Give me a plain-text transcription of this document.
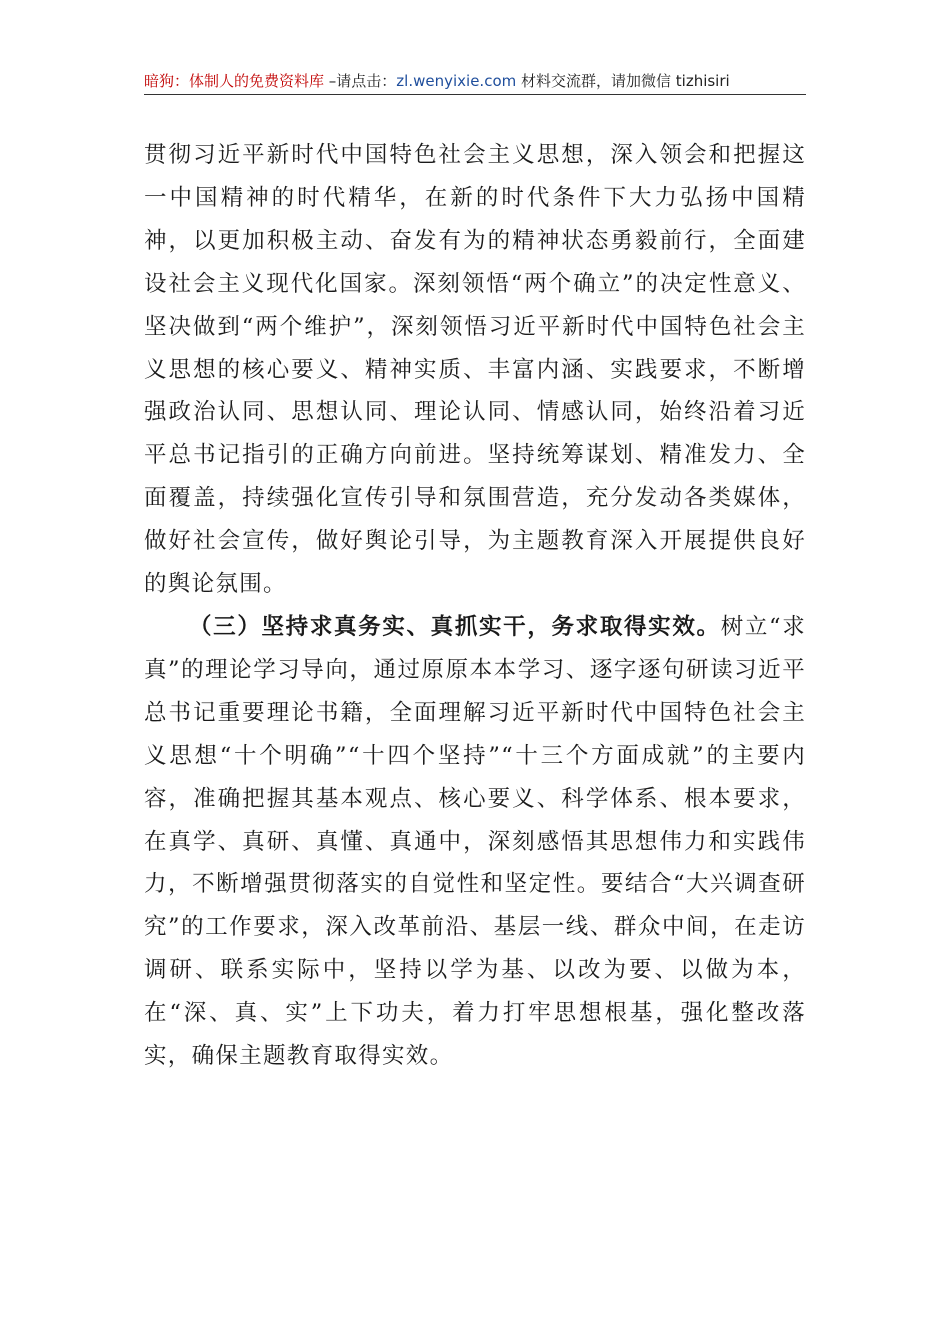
暗狗：体制人的免费资料库 –请点击：zl.wenyixie.com 材料交流群，请加微信 tizhisiri

贯彻习近平新时代中国特色社会主义思想，深入领会和把握这一中国精神的时代精华，在新的时代条件下大力弘扬中国精神，以更加积极主动、奋发有为的精神状态勇毅前行，全面建设社会主义现代化国家。深刻领悟“两个确立”的决定性意义、坚决做到“两个维护”，深刻领悟习近平新时代中国特色社会主义思想的核心要义、精神实质、丰富内涵、实践要求，不断增强政治认同、思想认同、理论认同、情感认同，始终沿着习近平总书记指引的正确方向前进。坚持统筹谋划、精准发力、全面覆盖，持续强化宣传引导和氛围营造，充分发动各类媒体，做好社会宣传，做好舆论引导，为主题教育深入开展提供良好的舆论氛围。

（三）坚持求真务实、真抓实干，务求取得实效。树立“求真”的理论学习导向，通过原原本本学习、逐字逐句研读习近平总书记重要理论书籍，全面理解习近平新时代中国特色社会主义思想“十个明确”“十四个坚持”“十三个方面成就”的主要内容，准确把握其基本观点、核心要义、科学体系、根本要求，在真学、真研、真懂、真通中，深刻感悟其思想伟力和实践伟力，不断增强贯彻落实的自觉性和坚定性。要结合“大兴调查研究”的工作要求，深入改革前沿、基层一线、群众中间，在走访调研、联系实际中，坚持以学为基、以改为要、以做为本，在“深、真、实”上下功夫，着力打牢思想根基，强化整改落实，确保主题教育取得实效。
